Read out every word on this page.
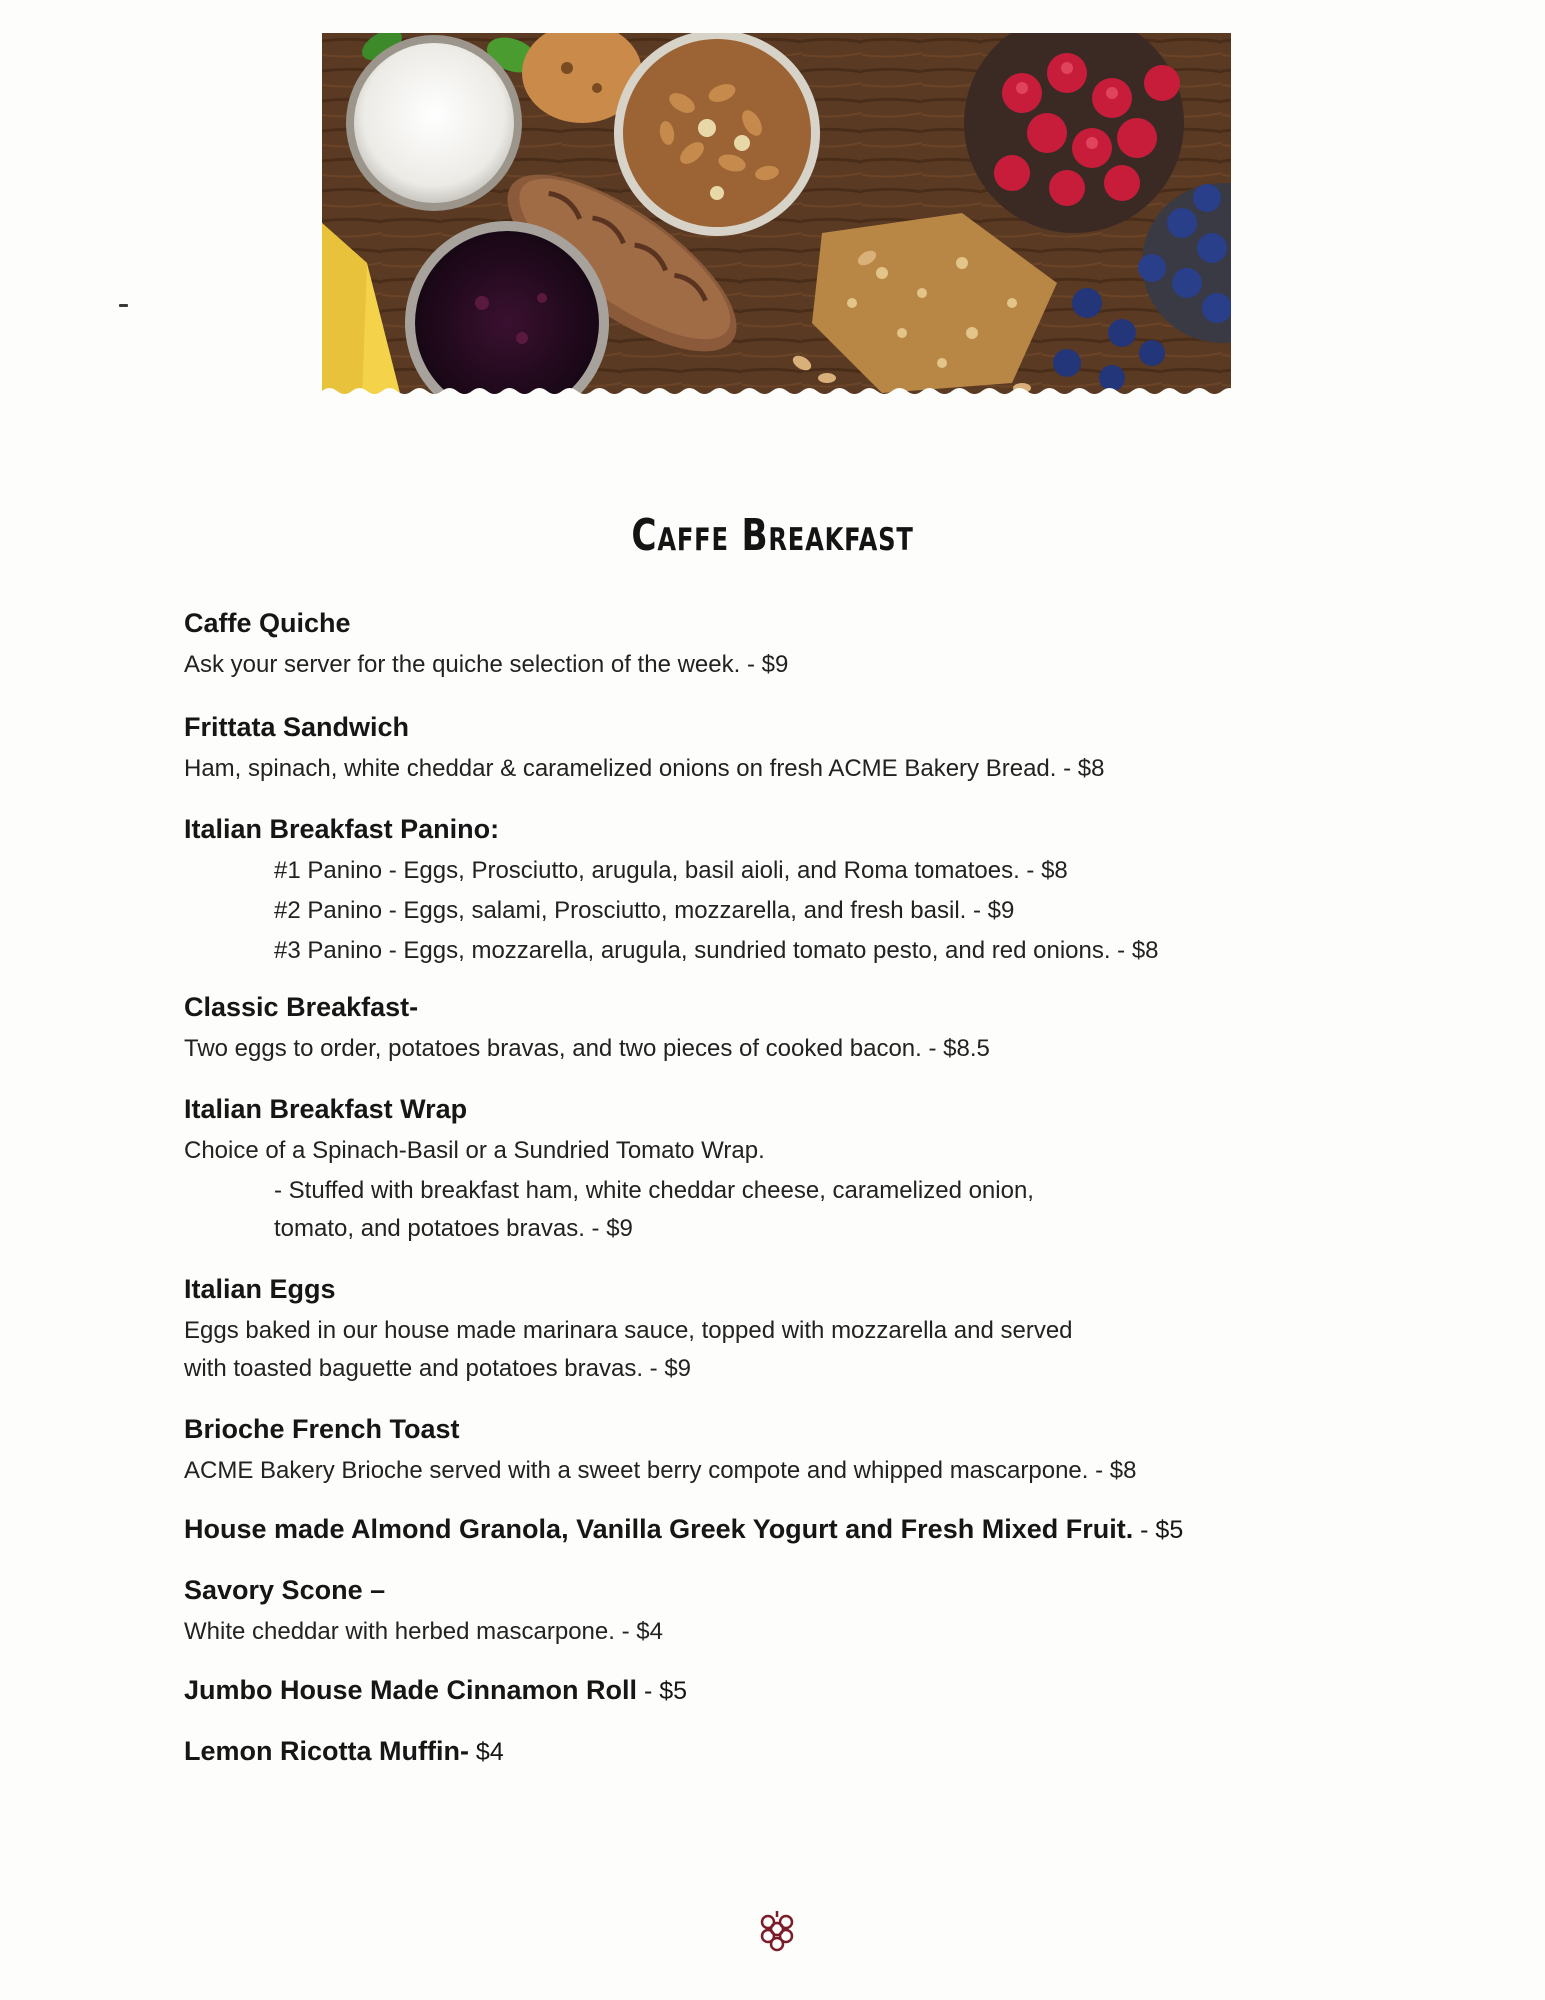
Caffe Breakfast
Caffe Quiche
Ask your server for the quiche selection of the week. - $9
Frittata Sandwich
Ham, spinach, white cheddar & caramelized onions on fresh ACME Bakery Bread. - $8
Italian Breakfast Panino:
#1 Panino - Eggs, Prosciutto, arugula, basil aioli, and Roma tomatoes. - $8
#2 Panino - Eggs, salami, Prosciutto, mozzarella, and fresh basil. - $9
#3 Panino - Eggs, mozzarella, arugula, sundried tomato pesto, and red onions. - $8
Classic Breakfast-
Two eggs to order, potatoes bravas, and two pieces of cooked bacon. - $8.5
Italian Breakfast Wrap
Choice of a Spinach-Basil or a Sundried Tomato Wrap.
- Stuffed with breakfast ham, white cheddar cheese, caramelized onion,
tomato, and potatoes bravas. - $9
Italian Eggs
Eggs baked in our house made marinara sauce, topped with mozzarella and served
with toasted baguette and potatoes bravas. - $9
Brioche French Toast
ACME Bakery Brioche served with a sweet berry compote and whipped mascarpone. - $8
House made Almond Granola, Vanilla Greek Yogurt and Fresh Mixed Fruit. - $5
Savory Scone –
White cheddar with herbed mascarpone. - $4
Jumbo House Made Cinnamon Roll - $5
Lemon Ricotta Muffin- $4
